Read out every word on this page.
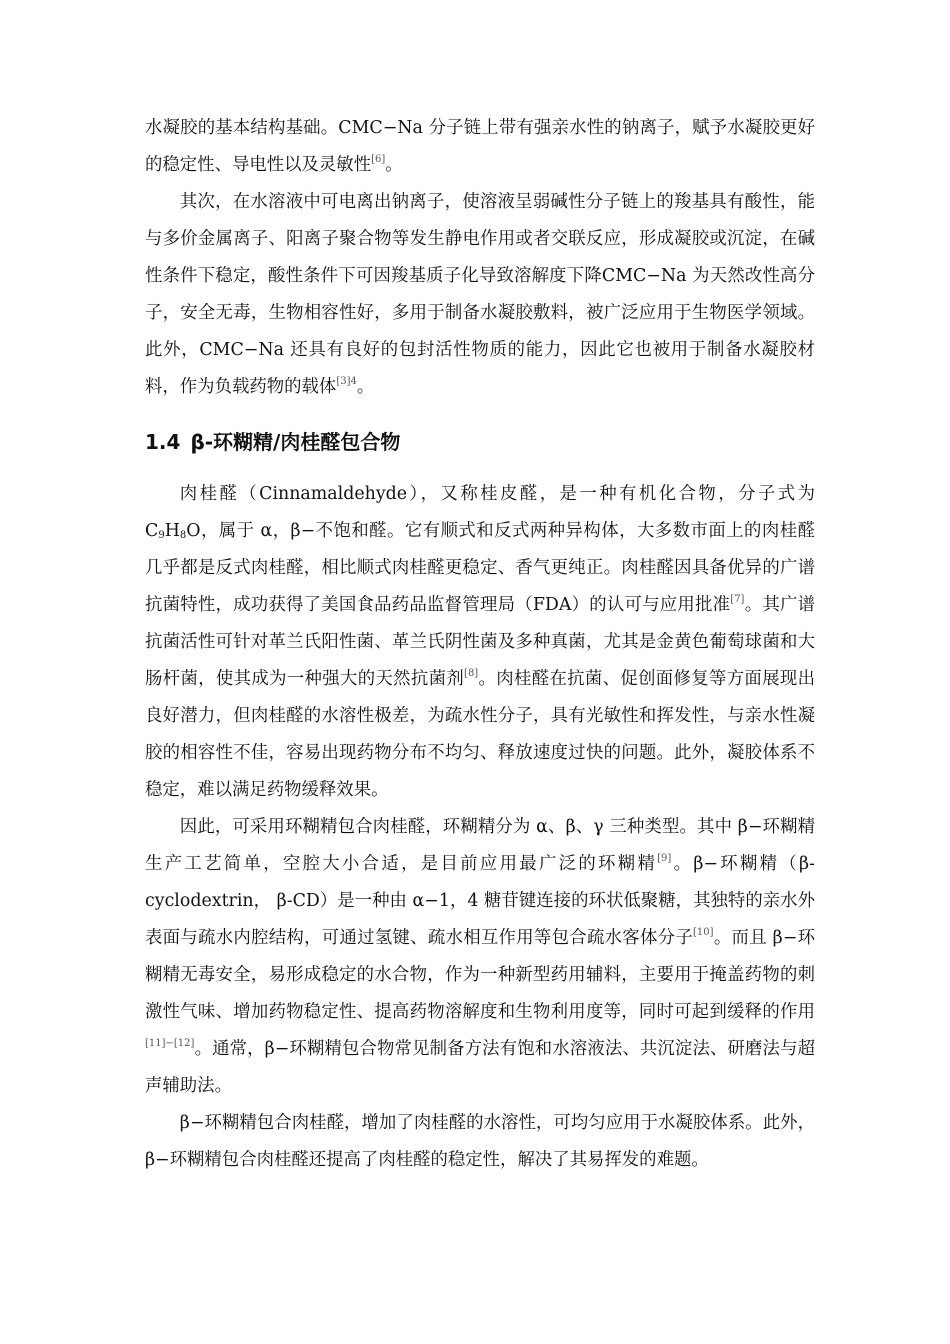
水凝胶的基本结构基础。CMC−Na 分子链上带有强亲水性的钠离子，赋予水凝胶更好的稳定性、导电性以及灵敏性[6]。

其次，在水溶液中可电离出钠离子，使溶液呈弱碱性分子链上的羧基具有酸性，能与多价金属离子、阳离子聚合物等发生静电作用或者交联反应，形成凝胶或沉淀，在碱性条件下稳定，酸性条件下可因羧基质子化导致溶解度下降CMC−Na 为天然改性高分子，安全无毒，生物相容性好，多用于制备水凝胶敷料，被广泛应用于生物医学领域。此外，CMC−Na 还具有良好的包封活性物质的能力，因此它也被用于制备水凝胶材料，作为负载药物的载体$^{[3]4}$。

1.4 β-环糊精/肉桂醛包合物

肉桂醛（Cinnamaldehyde），又称桂皮醛，是一种有机化合物，分子式为 $C_9H_8O$，属于 α，β−不饱和醛。它有顺式和反式两种异构体，大多数市面上的肉桂醛几乎都是反式肉桂醛，相比顺式肉桂醛更稳定、香气更纯正。肉桂醛因具备优异的广谱抗菌特性，成功获得了美国食品药品监督管理局（FDA）的认可与应用批准[7]。其广谱抗菌活性可针对革兰氏阳性菌、革兰氏阴性菌及多种真菌，尤其是金黄色葡萄球菌和大肠杆菌，使其成为一种强大的天然抗菌剂[8]。肉桂醛在抗菌、促创面修复等方面展现出良好潜力，但肉桂醛的水溶性极差，为疏水性分子，具有光敏性和挥发性，与亲水性凝胶的相容性不佳，容易出现药物分布不均匀、释放速度过快的问题。此外，凝胶体系不稳定，难以满足药物缓释效果。

因此，可采用环糊精包合肉桂醛，环糊精分为 α、β、γ 三种类型。其中 β−环糊精生产工艺简单，空腔大小合适，是目前应用最广泛的环糊精[9]。β−环糊精（β-cyclodextrin， β-CD）是一种由 α−1，4 糖苷键连接的环状低聚糖，其独特的亲水外表面与疏水内腔结构，可通过氢键、疏水相互作用等包合疏水客体分子[10]。而且 β−环糊精无毒安全，易形成稳定的水合物，作为一种新型药用辅料，主要用于掩盖药物的刺激性气味、增加药物稳定性、提高药物溶解度和生物利用度等，同时可起到缓释的作用[11]−[12]。通常，β−环糊精包合物常见制备方法有饱和水溶液法、共沉淀法、研磨法与超声辅助法。

β−环糊精包合肉桂醛，增加了肉桂醛的水溶性，可均匀应用于水凝胶体系。此外，β−环糊精包合肉桂醛还提高了肉桂醛的稳定性，解决了其易挥发的难题。
